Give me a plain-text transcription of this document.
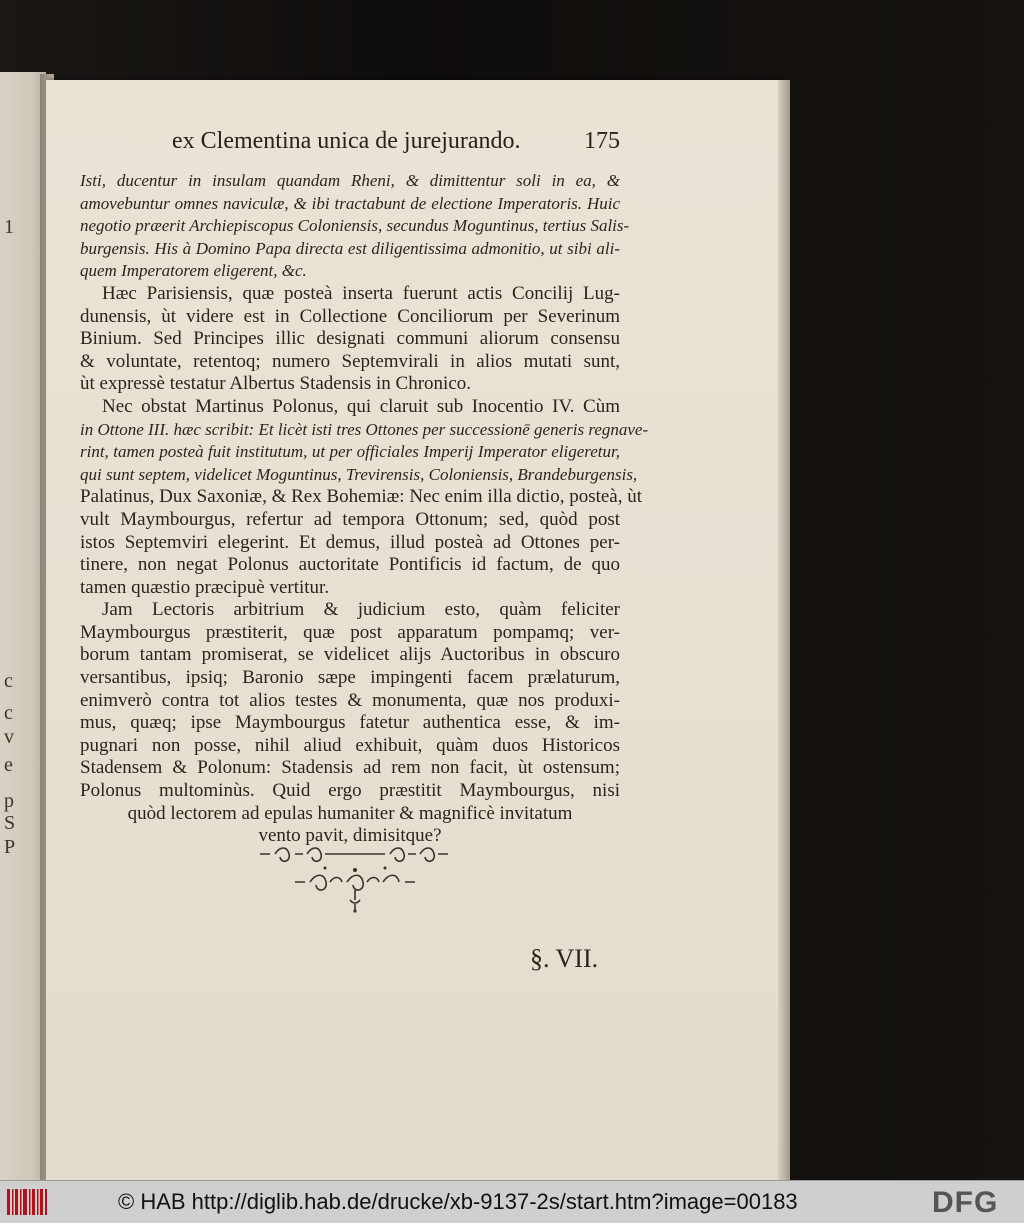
1
c
c
v
e
p
S
P
ex Clementina unica de jurejurando.	175
Isti, ducentur in insulam quandam Rheni, & dimittentur soli in ea, &
amovebuntur omnes naviculæ, & ibi tractabunt de electione Imperatoris. Huic
negotio præerit Archiepiscopus Coloniensis, secundus Moguntinus, tertius Salis-
burgensis. His à Domino Papa directa est diligentissima admonitio, ut sibi ali-
quem Imperatorem eligerent, &c.
Hæc Parisiensis, quæ posteà inserta fuerunt actis Concilij Lug-
dunensis, ùt videre est in Collectione Conciliorum per Severinum
Binium. Sed Principes illic designati communi aliorum consensu
& voluntate, retentoq; numero Septemvirali in alios mutati sunt,
ùt expressè testatur Albertus Stadensis in Chronico.
Nec obstat Martinus Polonus, qui claruit sub Inocentio IV. Cùm
in Ottone III. hæc scribit: Et licèt isti tres Ottones per successionē generis regnave-
rint, tamen posteà fuit institutum, ut per officiales Imperij Imperator eligeretur,
qui sunt septem, videlicet Moguntinus, Trevirensis, Coloniensis, Brandeburgensis,
Palatinus, Dux Saxoniæ, & Rex Bohemiæ: Nec enim illa dictio, posteà, ùt
vult Maymbourgus, refertur ad tempora Ottonum; sed, quòd post
istos Septemviri elegerint. Et demus, illud posteà ad Ottones per-
tinere, non negat Polonus auctoritate Pontificis id factum, de quo
tamen quæstio præcipuè vertitur.
Jam Lectoris arbitrium & judicium esto, quàm feliciter
Maymbourgus præstiterit, quæ post apparatum pompamq; ver-
borum tantam promiserat, se videlicet alijs Auctoribus in obscuro
versantibus, ipsiq; Baronio sæpe impingenti facem prælaturum,
enimverò contra tot alios testes & monumenta, quæ nos produxi-
mus, quæq; ipse Maymbourgus fatetur authentica esse, & im-
pugnari non posse, nihil aliud exhibuit, quàm duos Historicos
Stadensem & Polonum: Stadensis ad rem non facit, ùt ostensum;
Polonus multominùs. Quid ergo præstitit Maymbourgus, nisi
quòd lectorem ad epulas humaniter & magnificè invitatum
vento pavit, dimisitque?
§. VII.
© HAB http://diglib.hab.de/drucke/xb-9137-2s/start.htm?image=00183	DFG
